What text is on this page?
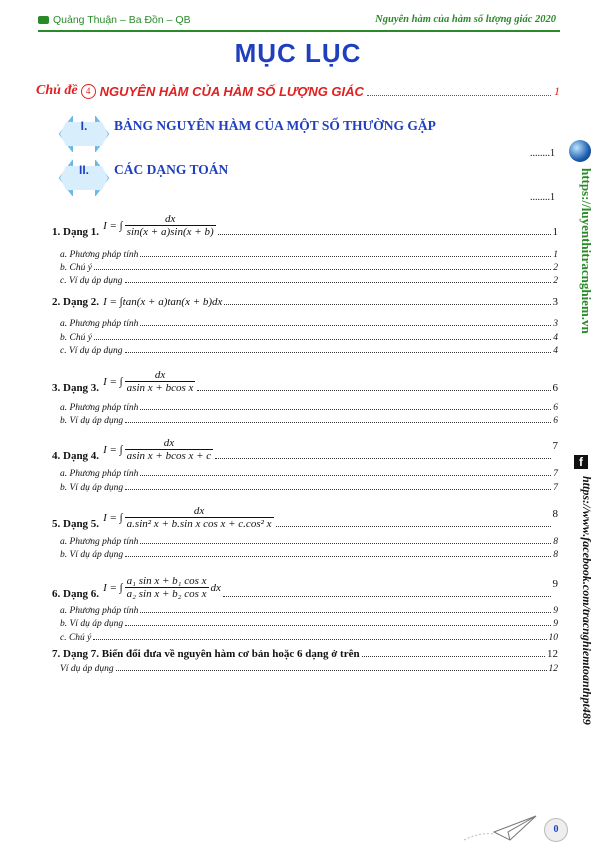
Quảng Thuận – Ba Đồn – QB	Nguyên hàm của hàm số lượng giác 2020
MỤC LỤC
Chủ đề 4 NGUYÊN HÀM CỦA HÀM SỐ LƯỢNG GIÁC	1
I.	BẢNG NGUYÊN HÀM CỦA MỘT SỐ THƯỜNG GẶP
........1
II.	CÁC DẠNG TOÁN
........1
1. Dạng 1.
I = ∫ $\frac{dx}{\sin(x + a)\sin(x + b)}$	1
a. Phương pháp tính	1
b. Chú ý	2
c. Ví dụ áp dụng	2
2. Dạng 2. I = ∫tan(x + a)tan(x + b)dx	3
a. Phương pháp tính	3
b. Chú ý	4
c. Ví dụ áp dụng	4
3. Dạng 3.
I = ∫ $\frac{dx}{\text{asin x + bcos x}}$	6
a. Phương pháp tính	6
b. Ví dụ áp dụng	6
4. Dạng 4.
I = ∫ $\frac{dx}{\text{asin x + bcos x + c}}$	7
a. Phương pháp tính	7
b. Ví dụ áp dụng	7
5. Dạng 5.
I = ∫ $\frac{dx}{\text{a.sin² x + b.sin x cos x + c.cos² x}}$	8
a. Phương pháp tính	8
b. Ví dụ áp dụng	8
6. Dạng 6.
I = ∫ $\frac{\text{a₁ sin x + b₁ cos x}}{\text{a₂ sin x + b₂ cos x}}$ dx	9
a. Phương pháp tính	9
b. Ví dụ áp dụng	9
c. Chú ý	10
7. Dạng 7. Biến đổi đưa về nguyên hàm cơ bản hoặc 6 dạng ở trên	12
Ví dụ áp dụng	12
https://luyenthitracnghiem.vn
f
https://www.facebook.com/tracnghiemtoanthpt489
0
